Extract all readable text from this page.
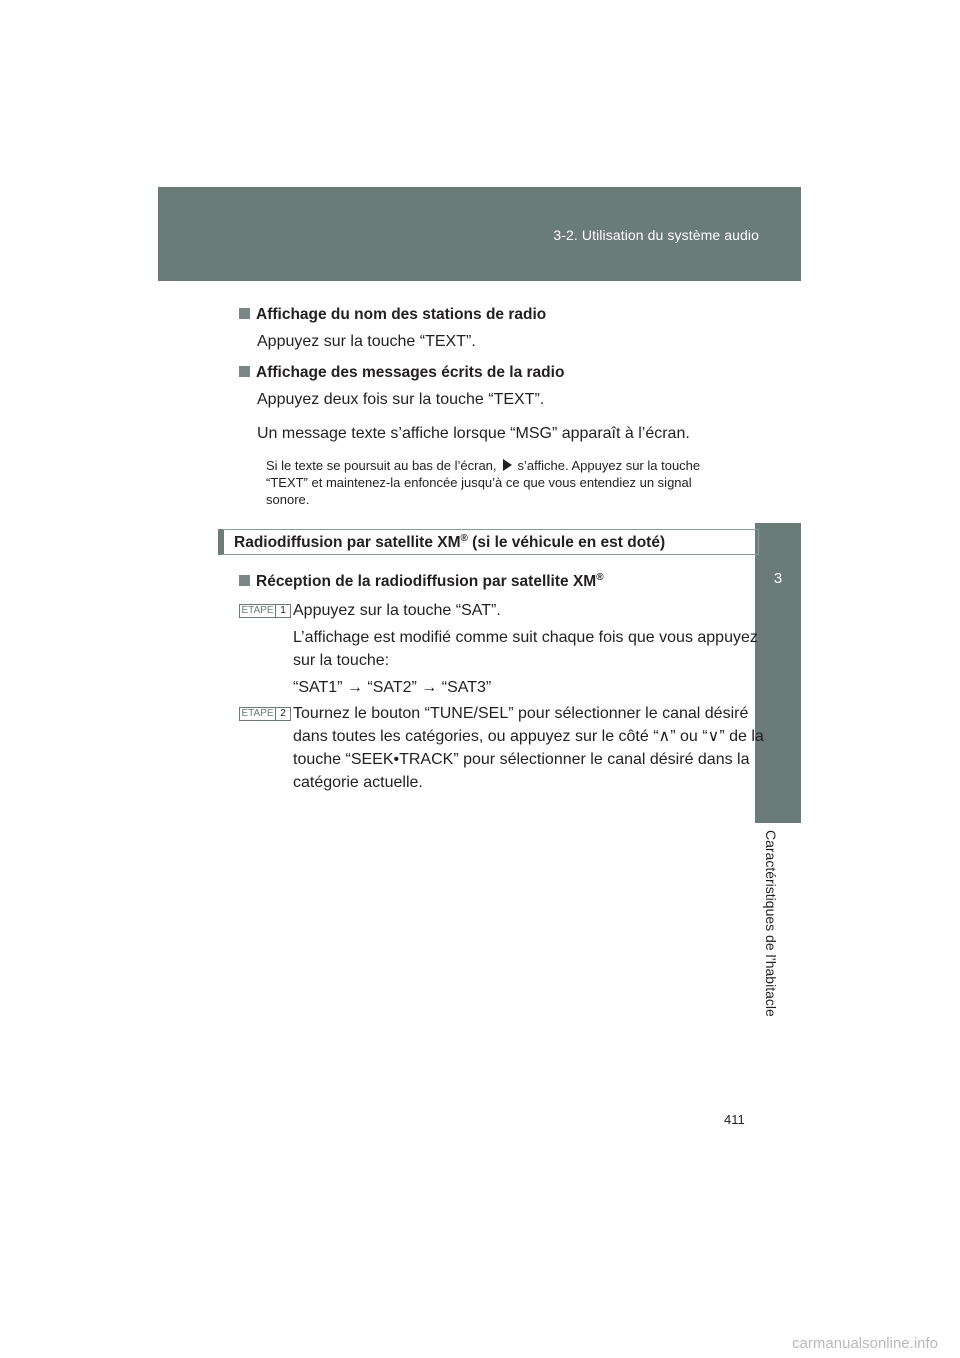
3-2. Utilisation du système audio
3
Caractéristiques de l’habitacle
Affichage du nom des stations de radio
Appuyez sur la touche “TEXT”.
Affichage des messages écrits de la radio
Appuyez deux fois sur la touche “TEXT”.
Un message texte s’affiche lorsque “MSG” apparaît à l’écran.
Si le texte se poursuit au bas de l’écran, s’affiche. Appuyez sur la touche
“TEXT” et maintenez-la enfoncée jusqu’à ce que vous entendiez un signal
sonore.
Radiodiffusion par satellite XM® (si le véhicule en est doté)
Réception de la radiodiffusion par satellite XM®
ÉTAPE 1 Appuyez sur la touche “SAT”.
L’affichage est modifié comme suit chaque fois que vous appuyez
sur la touche:
“SAT1” → “SAT2” → “SAT3”
ÉTAPE 2 Tournez le bouton “TUNE/SEL” pour sélectionner le canal désiré
dans toutes les catégories, ou appuyez sur le côté “∧” ou “∨” de la
touche “SEEK•TRACK” pour sélectionner le canal désiré dans la
catégorie actuelle.
411
carmanualsonline.info
